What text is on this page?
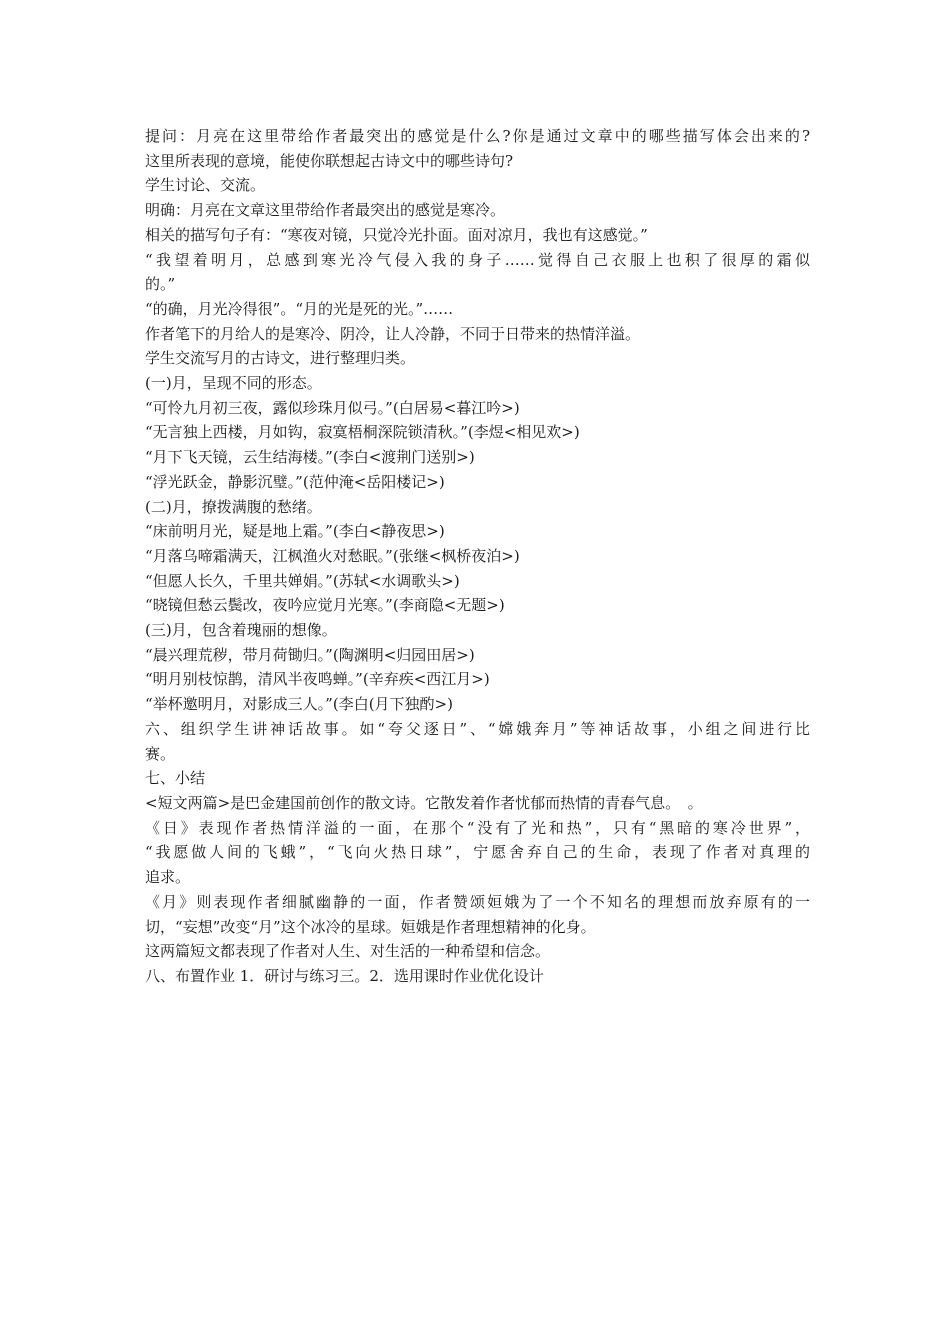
提问：月亮在这里带给作者最突出的感觉是什么?你是通过文章中的哪些描写体会出来的?
这里所表现的意境，能使你联想起古诗文中的哪些诗句?
学生讨论、交流。
明确：月亮在文章这里带给作者最突出的感觉是寒冷。
相关的描写句子有：“寒夜对镜，只觉冷光扑面。面对凉月，我也有这感觉。”
“我望着明月，总感到寒光冷气侵入我的身子……觉得自己衣服上也积了很厚的霜似
的。”
“的确，月光冷得很”。“月的光是死的光。”……
作者笔下的月给人的是寒冷、阴冷，让人冷静，不同于日带来的热情洋溢。
学生交流写月的古诗文，进行整理归类。
(一)月，呈现不同的形态。
“可怜九月初三夜，露似珍珠月似弓。”(白居易<暮江吟>)
“无言独上西楼，月如钩，寂寞梧桐深院锁清秋。”(李煜<相见欢>)
“月下飞天镜，云生结海楼。”(李白<渡荆门送别>)
“浮光跃金，静影沉璧。”(范仲淹<岳阳楼记>)
(二)月，撩拨满腹的愁绪。
“床前明月光，疑是地上霜。”(李白<静夜思>)
“月落乌啼霜满天，江枫渔火对愁眠。”(张继<枫桥夜泊>)
“但愿人长久，千里共婵娟。”(苏轼<水调歌头>)
“晓镜但愁云鬓改，夜吟应觉月光寒。”(李商隐<无题>)
(三)月，包含着瑰丽的想像。
“晨兴理荒秽，带月荷锄归。”(陶渊明<归园田居>)
“明月别枝惊鹊，清风半夜鸣蝉。”(辛弃疾<西江月>)
“举杯邀明月，对影成三人。”(李白(月下独酌>)
六、组织学生讲神话故事。如“夸父逐日”、“嫦娥奔月”等神话故事，小组之间进行比
赛。
七、小结
<短文两篇>是巴金建国前创作的散文诗。它散发着作者忧郁而热情的青春气息。　。
《日》表现作者热情洋溢的一面，在那个“没有了光和热”，只有“黑暗的寒冷世界”，
“我愿做人间的飞蛾”，“飞向火热日球”，宁愿舍弃自己的生命，表现了作者对真理的
追求。
《月》则表现作者细腻幽静的一面，作者赞颂姮娥为了一个不知名的理想而放弃原有的一
切，“妄想”改变“月”这个冰冷的星球。姮娥是作者理想精神的化身。
这两篇短文都表现了作者对人生、对生活的一种希望和信念。
八、布置作业 1．研讨与练习三。2．选用课时作业优化设计
